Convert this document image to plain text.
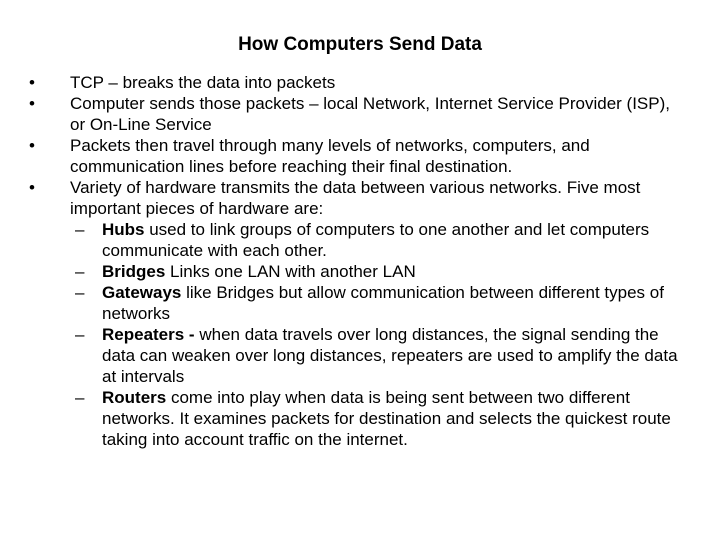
How Computers Send Data
• TCP – breaks the data into packets
• Computer sends those packets – local Network, Internet Service Provider (ISP), or On-Line Service
• Packets then travel through many levels of networks, computers, and communication lines before reaching their final destination.
• Variety of hardware transmits the data between various networks. Five most important pieces of hardware are:
– Hubs used to link groups of computers to one another and let computers communicate with each other.
– Bridges Links one LAN with another LAN
– Gateways like Bridges but allow communication between different types of networks
– Repeaters - when data travels over long distances, the signal sending the data can weaken over long distances, repeaters are used to amplify the data at intervals
– Routers come into play when data is being sent between two different networks. It examines packets for destination and selects the quickest route taking into account traffic on the internet.
